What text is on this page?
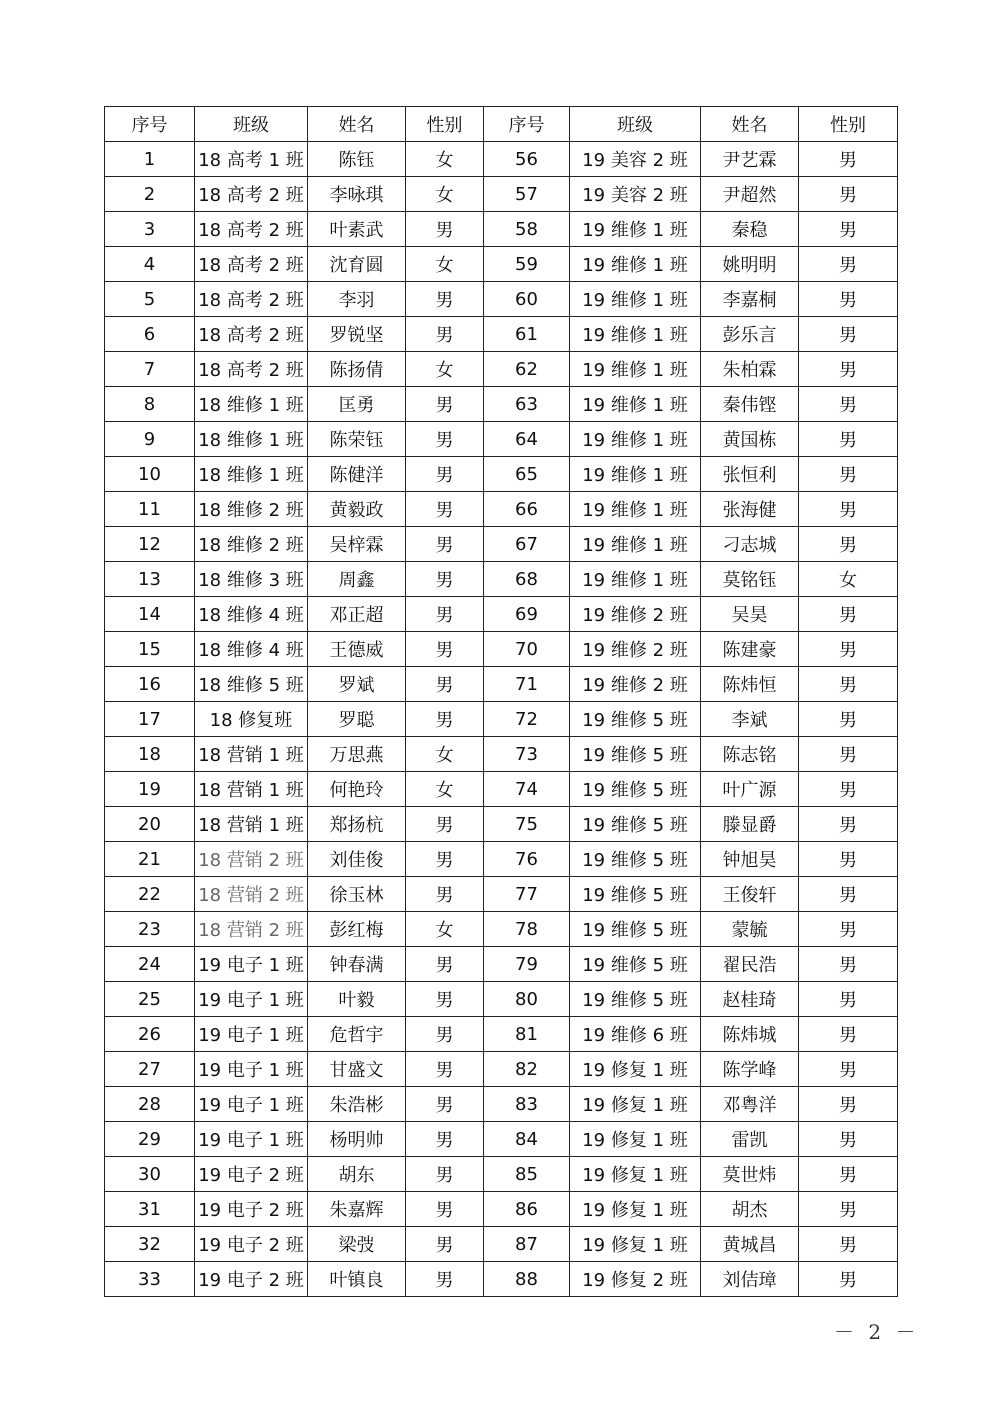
序号	班级	姓名	性别	序号	班级	姓名	性别
1	18 高考 1 班	陈钰	女	56	19 美容 2 班	尹艺霖	男
2	18 高考 2 班	李咏琪	女	57	19 美容 2 班	尹超然	男
3	18 高考 2 班	叶素武	男	58	19 维修 1 班	秦稳	男
4	18 高考 2 班	沈育圆	女	59	19 维修 1 班	姚明明	男
5	18 高考 2 班	李羽	男	60	19 维修 1 班	李嘉桐	男
6	18 高考 2 班	罗锐坚	男	61	19 维修 1 班	彭乐言	男
7	18 高考 2 班	陈扬倩	女	62	19 维修 1 班	朱柏霖	男
8	18 维修 1 班	匡勇	男	63	19 维修 1 班	秦伟铿	男
9	18 维修 1 班	陈荣钰	男	64	19 维修 1 班	黄国栋	男
10	18 维修 1 班	陈健洋	男	65	19 维修 1 班	张恒利	男
11	18 维修 2 班	黄毅政	男	66	19 维修 1 班	张海健	男
12	18 维修 2 班	吴梓霖	男	67	19 维修 1 班	刁志城	男
13	18 维修 3 班	周鑫	男	68	19 维修 1 班	莫铭钰	女
14	18 维修 4 班	邓正超	男	69	19 维修 2 班	吴昊	男
15	18 维修 4 班	王德威	男	70	19 维修 2 班	陈建豪	男
16	18 维修 5 班	罗斌	男	71	19 维修 2 班	陈炜恒	男
17	18 修复班	罗聪	男	72	19 维修 5 班	李斌	男
18	18 营销 1 班	万思燕	女	73	19 维修 5 班	陈志铭	男
19	18 营销 1 班	何艳玲	女	74	19 维修 5 班	叶广源	男
20	18 营销 1 班	郑扬杭	男	75	19 维修 5 班	滕显爵	男
21	18 营销 2 班	刘佳俊	男	76	19 维修 5 班	钟旭昊	男
22	18 营销 2 班	徐玉林	男	77	19 维修 5 班	王俊轩	男
23	18 营销 2 班	彭红梅	女	78	19 维修 5 班	蒙毓	男
24	19 电子 1 班	钟春满	男	79	19 维修 5 班	翟民浩	男
25	19 电子 1 班	叶毅	男	80	19 维修 5 班	赵桂琦	男
26	19 电子 1 班	危哲宇	男	81	19 维修 6 班	陈炜城	男
27	19 电子 1 班	甘盛文	男	82	19 修复 1 班	陈学峰	男
28	19 电子 1 班	朱浩彬	男	83	19 修复 1 班	邓粤洋	男
29	19 电子 1 班	杨明帅	男	84	19 修复 1 班	雷凯	男
30	19 电子 2 班	胡东	男	85	19 修复 1 班	莫世炜	男
31	19 电子 2 班	朱嘉辉	男	86	19 修复 1 班	胡杰	男
32	19 电子 2 班	梁弢	男	87	19 修复 1 班	黄城昌	男
33	19 电子 2 班	叶镇良	男	88	19 修复 2 班	刘佶璋	男
－ 2 －
